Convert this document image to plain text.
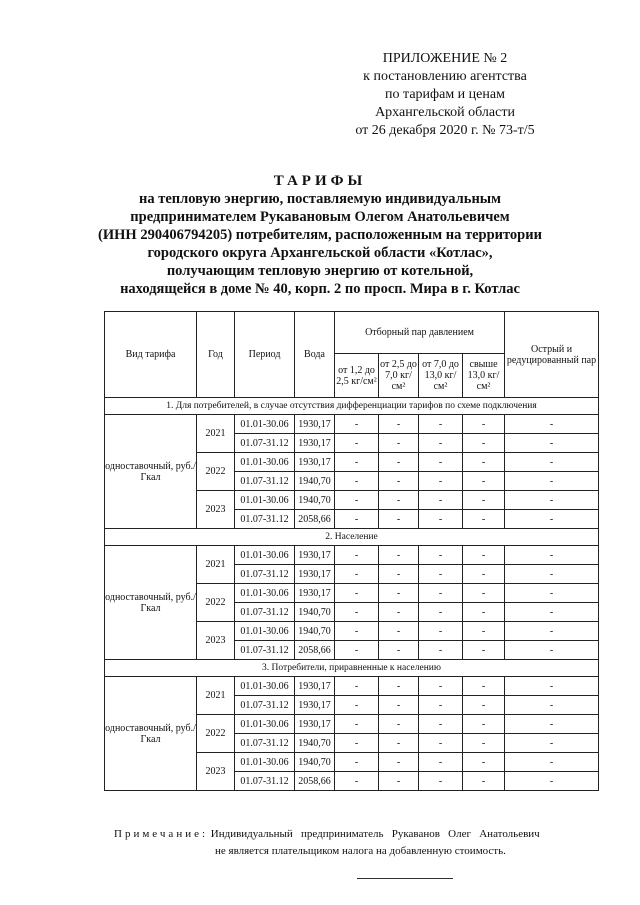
ПРИЛОЖЕНИЕ № 2
к постановлению агентства
по тарифам и ценам
Архангельской области
от 26 декабря 2020 г. № 73-т/5
ТАРИФЫ
на тепловую энергию, поставляемую индивидуальным
предпринимателем Рукавановым Олегом Анатольевичем
(ИНН 290406794205) потребителям, расположенным на территории
городского округа Архангельской области «Котлас»,
получающим тепловую энергию от котельной,
находящейся в доме № 40, корп. 2 по просп. Мира в г. Котлас
Вид тарифа	Год	Период	Вода	Отборный пар давлением				Острый и редуцированный пар
				от 1,2 до 2,5 кг/см²	от 2,5 до 7,0 кг/см²	от 7,0 до 13,0 кг/см²	свыше 13,0 кг/см²	
1. Для потребителей, в случае отсутствия дифференциации тарифов по схеме подключения								
одноставочный, руб./Гкал	2021	01.01-30.06	1930,17	-	-	-	-	-
		01.07-31.12	1930,17	-	-	-	-	-
	2022	01.01-30.06	1930,17	-	-	-	-	-
		01.07-31.12	1940,70	-	-	-	-	-
	2023	01.01-30.06	1940,70	-	-	-	-	-
		01.07-31.12	2058,66	-	-	-	-	-
2. Население								
одноставочный, руб./Гкал	2021	01.01-30.06	1930,17	-	-	-	-	-
		01.07-31.12	1930,17	-	-	-	-	-
	2022	01.01-30.06	1930,17	-	-	-	-	-
		01.07-31.12	1940,70	-	-	-	-	-
	2023	01.01-30.06	1940,70	-	-	-	-	-
		01.07-31.12	2058,66	-	-	-	-	-
3. Потребители, приравненные к населению								
одноставочный, руб./Гкал	2021	01.01-30.06	1930,17	-	-	-	-	-
		01.07-31.12	1930,17	-	-	-	-	-
	2022	01.01-30.06	1930,17	-	-	-	-	-
		01.07-31.12	1940,70	-	-	-	-	-
	2023	01.01-30.06	1940,70	-	-	-	-	-
		01.07-31.12	2058,66	-	-	-	-	-
Примечание: Индивидуальный   предприниматель   Рукаванов   Олег   Анатольевич
не является плательщиком налога на добавленную стоимость.
